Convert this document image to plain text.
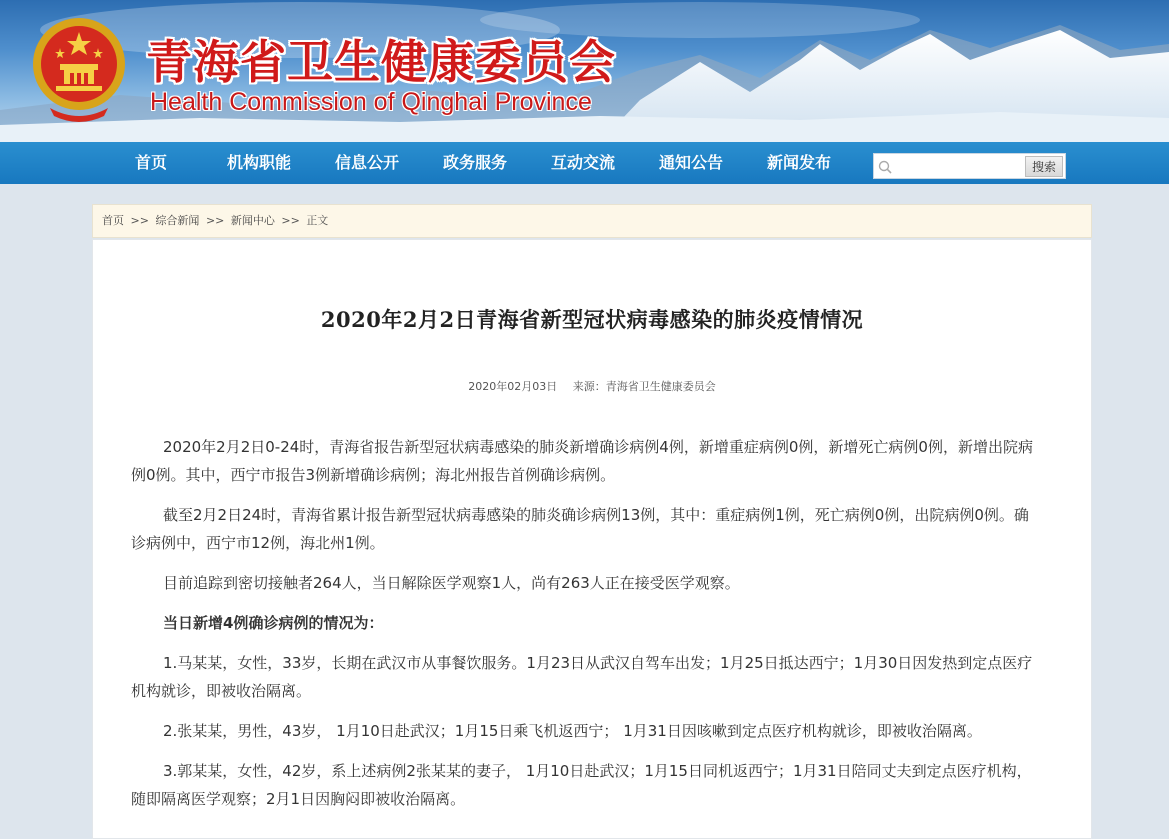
青海省卫生健康委员会
Health Commission of Qinghai Province
首页	机构职能	信息公开	政务服务	互动交流	通知公告	新闻发布	搜索
首页 >> 综合新闻 >> 新闻中心 >> 正文
2020年2月2日青海省新型冠状病毒感染的肺炎疫情情况
2020年02月03日 来源：青海省卫生健康委员会

2020年2月2日0-24时，青海省报告新型冠状病毒感染的肺炎新增确诊病例4例，新增重症病例0例，新增死亡病例0例，新增出院病例0例。其中，西宁市报告3例新增确诊病例；海北州报告首例确诊病例。

截至2月2日24时，青海省累计报告新型冠状病毒感染的肺炎确诊病例13例，其中：重症病例1例，死亡病例0例，出院病例0例。确诊病例中，西宁市12例，海北州1例。

目前追踪到密切接触者264人，当日解除医学观察1人，尚有263人正在接受医学观察。

当日新增4例确诊病例的情况为：

1.马某某，女性，33岁，长期在武汉市从事餐饮服务。1月23日从武汉自驾车出发；1月25日抵达西宁；1月30日因发热到定点医疗机构就诊，即被收治隔离。

2.张某某，男性，43岁， 1月10日赴武汉；1月15日乘飞机返西宁； 1月31日因咳嗽到定点医疗机构就诊，即被收治隔离。

3.郭某某，女性，42岁，系上述病例2张某某的妻子， 1月10日赴武汉；1月15日同机返西宁；1月31日陪同丈夫到定点医疗机构，随即隔离医学观察；2月1日因胸闷即被收治隔离。
